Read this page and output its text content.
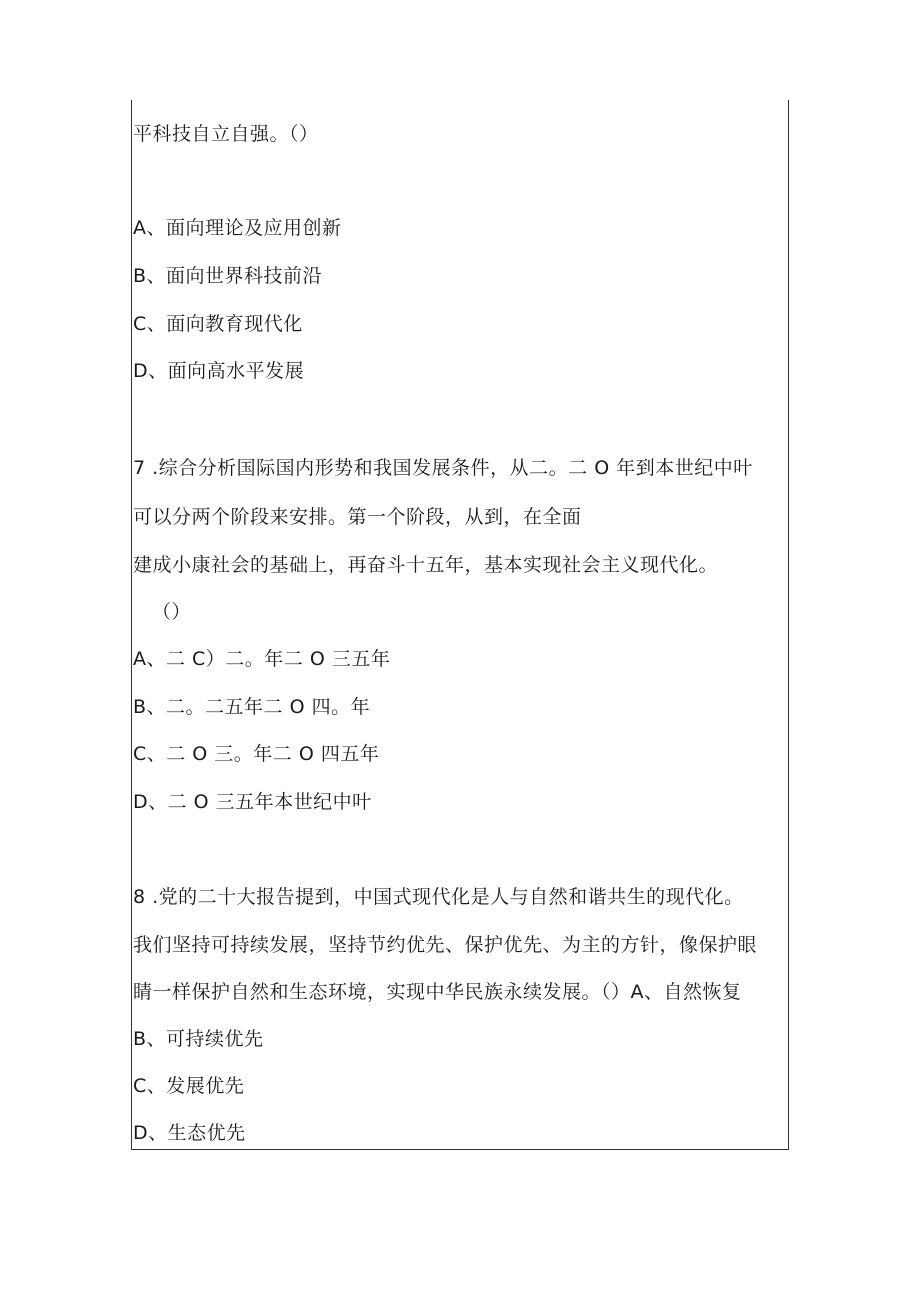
平科技自立自强。（）
A、面向理论及应用创新
B、面向世界科技前沿
C、面向教育现代化
D、面向高水平发展
7 .综合分析国际国内形势和我国发展条件，从二。二 O 年到本世纪中叶
可以分两个阶段来安排。第一个阶段，从到，在全面
建成小康社会的基础上，再奋斗十五年，基本实现社会主义现代化。
（）
A、二 C）二。年二 O 三五年
B、二。二五年二 O 四。年
C、二 O 三。年二 O 四五年
D、二 O 三五年本世纪中叶
8 .党的二十大报告提到，中国式现代化是人与自然和谐共生的现代化。
我们坚持可持续发展，坚持节约优先、保护优先、为主的方针，像保护眼
睛一样保护自然和生态环境，实现中华民族永续发展。（）A、自然恢复
B、可持续优先
C、发展优先
D、生态优先
